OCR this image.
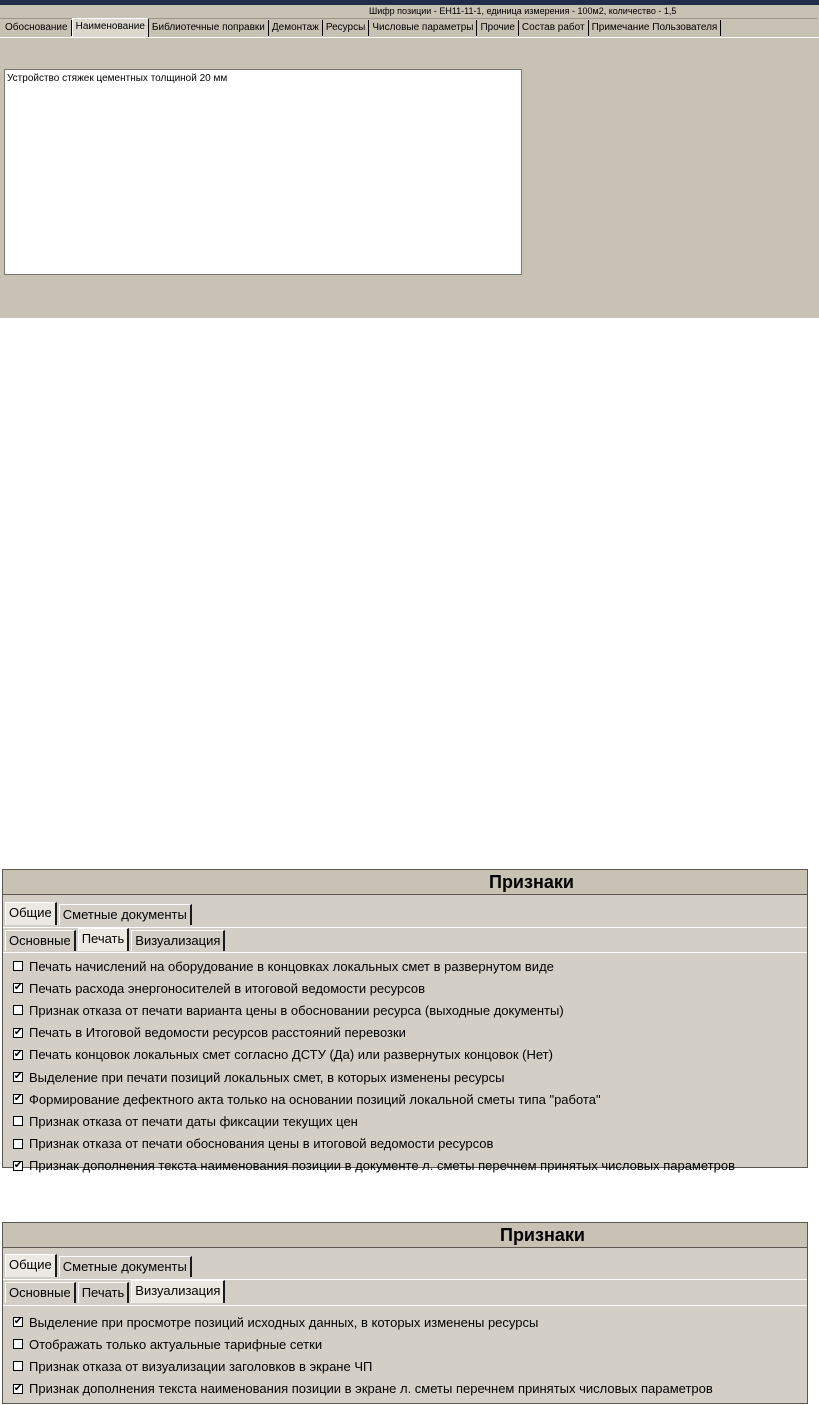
Шифр позиции - ЕН11-11-1, единица измерения - 100м2, количество - 1,5
Обоснование Наименование Библиотечные поправки Демонтаж Ресурсы Числовые параметры Прочие Состав работ Примечание Пользователя
Устройство стяжек цементных толщиной 20 мм
Признаки
Общие Сметные документы
Основные Печать Визуализация
Печать начислений на оборудование в концовках локальных смет в развернутом виде
✔ Печать расхода энергоносителей в итоговой ведомости ресурсов
Признак отказа от печати варианта цены в обосновании ресурса (выходные документы)
✔ Печать в Итоговой ведомости ресурсов расстояний перевозки
✔ Печать концовок локальных смет согласно ДСТУ (Да) или развернутых концовок (Нет)
✔ Выделение при печати позиций локальных смет, в которых изменены ресурсы
✔ Формирование дефектного акта только на основании позиций локальной сметы типа "работа"
Признак отказа от печати даты фиксации текущих цен
Признак отказа от печати обоснования цены в итоговой ведомости ресурсов
✔ Признак дополнения текста наименования позиции в документе л. сметы перечнем принятых числовых параметров
Признаки
Общие Сметные документы
Основные Печать Визуализация
✔ Выделение при просмотре позиций исходных данных, в которых изменены ресурсы
Отображать только актуальные тарифные сетки
Признак отказа от визуализации заголовков в экране ЧП
✔ Признак дополнения текста наименования позиции в экране л. сметы перечнем принятых числовых параметров
